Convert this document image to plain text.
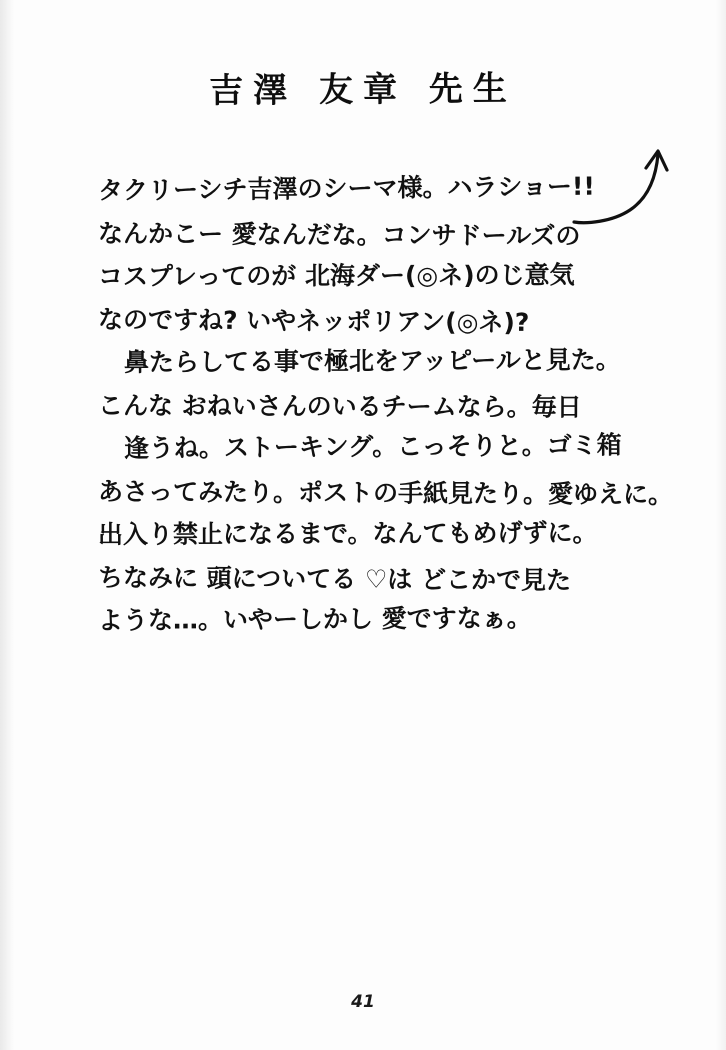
吉澤 友章 先生
タクリーシチ吉澤のシーマ様。ハラショー!!
なんかこー 愛なんだな。コンサドールズの
コスプレってのが 北海ダー(◎ネ)のじ意気
なのですね? いやネッポリアン(◎ネ)?
鼻たらしてる事で極北をアッピールと見た。
こんな おねいさんのいるチームなら。毎日
逢うね。ストーキング。こっそりと。ゴミ箱
あさってみたり。ポストの手紙見たり。愛ゆえに。
出入り禁止になるまで。なんてもめげずに。
ちなみに 頭についてる ♡は どこかで見た
ような…。いやーしかし 愛ですなぁ。
41
